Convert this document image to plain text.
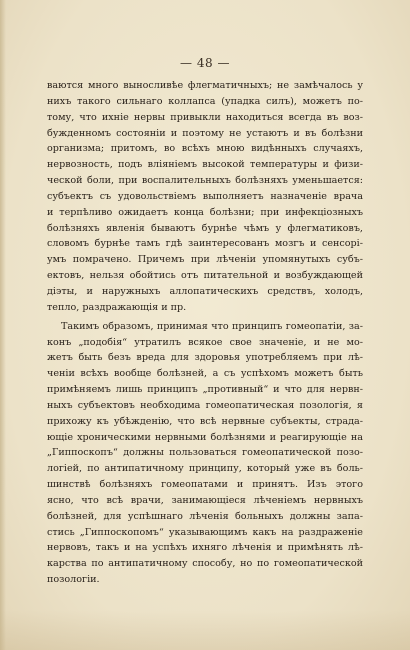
— 48 —
ваются много выносливѣе флегматичныхъ; не замѣчалось у
нихъ такого сильнаго коллапса (упадка силъ), можетъ по-
тому, что ихнiе нервы привыкли находиться всегда въ воз-
бужденномъ состоянiи и поэтому не устаютъ и въ болѣзни
организма; притомъ, во всѣхъ мною видѣнныхъ случаяхъ,
нервозность, подъ влiянiемъ высокой температуры и физи-
ческой боли, при воспалительныхъ болѣзняхъ уменьшается:
субъектъ съ удовольствiемъ выполняетъ назначенiе врача
и терпѣливо ожидаетъ конца болѣзни; при инфекцiозныхъ
болѣзняхъ явленiя бываютъ бурнѣе чѣмъ у флегматиковъ,
словомъ бурнѣе тамъ гдѣ заинтересованъ мозгъ и сенсорi-
умъ помрачено. Причемъ при лѣченiи упомянутыхъ субъ-
ектовъ, нельзя обойтись отъ питательной и возбуждающей
дiэты, и наружныхъ аллопатическихъ средствъ, холодъ,
тепло, раздражающiя и пр.
Такимъ образомъ, принимая что принципъ гомеопатiи, за-
конъ „подобiя“ утратилъ всякое свое значенiе, и не мо-
жетъ быть безъ вреда для здоровья употребляемъ при лѣ-
ченiи всѣхъ вообще болѣзней, а съ успѣхомъ можетъ быть
примѣняемъ лишь принципъ „противный“ и что для нервн-
ныхъ субъектовъ необходима гомеопатическая позологiя, я
прихожу къ убѣжденiю, что всѣ нервные субъекты, страда-
ющiе хроническими нервными болѣзнями и реагирующiе на
„Гиппоскопъ“ должны пользоваться гомеопатической позо-
логiей, по антипатичному принципу, который уже въ боль-
шинствѣ болѣзняхъ гомеопатами и принятъ. Изъ этого
ясно, что всѣ врачи, занимающiеся лѣченiемъ нервныхъ
болѣзней, для успѣшнаго лѣченiя больныхъ должны запа-
стись „Гиппоскопомъ“ указывающимъ какъ на раздраженiе
нервовъ, такъ и на успѣхъ ихняго лѣченiя и примѣнять лѣ-
карства по антипатичному способу, но по гомеопатической
позологiи.
